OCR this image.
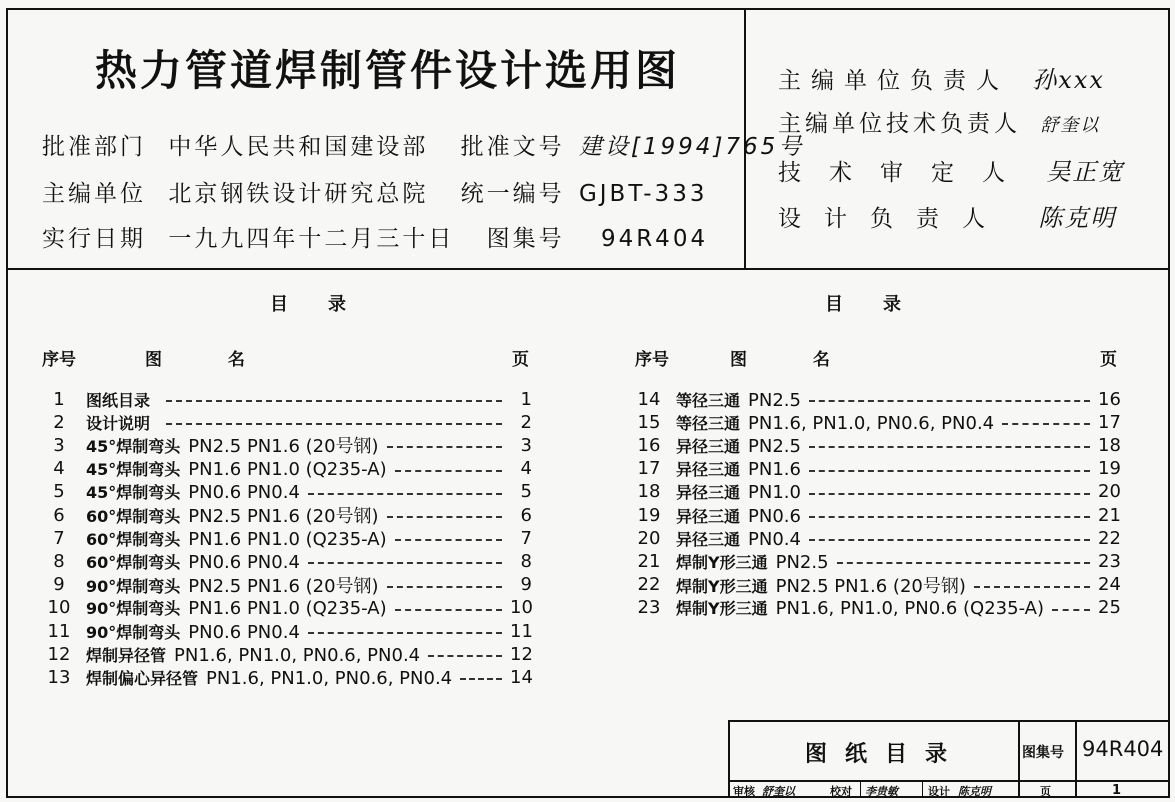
热力管道焊制管件设计选用图
批准部门 中华人民共和国建设部 批准文号 建设[1994]765号
主编单位 北京钢铁设计研究总院 统一编号 GJBT-333
实行日期 一九九四年十二月三十日 图集号 94R404
主编单位负责人 孙xxx
主编单位技术负责人 舒奎以
技术审定人 吴正宽
设计负责人 陈克明
目录	目录
序号	图 名	页	序号	图 名	页
1	图纸目录	1
2	设计说明	2
3	45°焊制弯头 PN2.5 PN1.6 (20号钢)	3
4	45°焊制弯头 PN1.6 PN1.0 (Q235-A)	4
5	45°焊制弯头 PN0.6 PN0.4	5
6	60°焊制弯头 PN2.5 PN1.6 (20号钢)	6
7	60°焊制弯头 PN1.6 PN1.0 (Q235-A)	7
8	60°焊制弯头 PN0.6 PN0.4	8
9	90°焊制弯头 PN2.5 PN1.6 (20号钢)	9
10 90°焊制弯头 PN1.6 PN1.0 (Q235-A)	10
11 90°焊制弯头 PN0.6 PN0.4	11
12 焊制异径管 PN1.6, PN1.0, PN0.6, PN0.4	12
13 焊制偏心异径管 PN1.6, PN1.0, PN0.6, PN0.4	14
14 等径三通 PN2.5	16
15 等径三通 PN1.6, PN1.0, PN0.6, PN0.4	17
16 异径三通 PN2.5	18
17 异径三通 PN1.6	19
18 异径三通 PN1.0	20
19 异径三通 PN0.6	21
20 异径三通 PN0.4	22
21 焊制Y形三通 PN2.5	23
22 焊制Y形三通 PN2.5 PN1.6 (20号钢)	24
23 焊制Y形三通 PN1.6, PN1.0, PN0.6 (Q235-A)	25
图纸目录	图集号 94R404
审核 舒奎以	校对 李贵敏	设计 陈克明	页	1
